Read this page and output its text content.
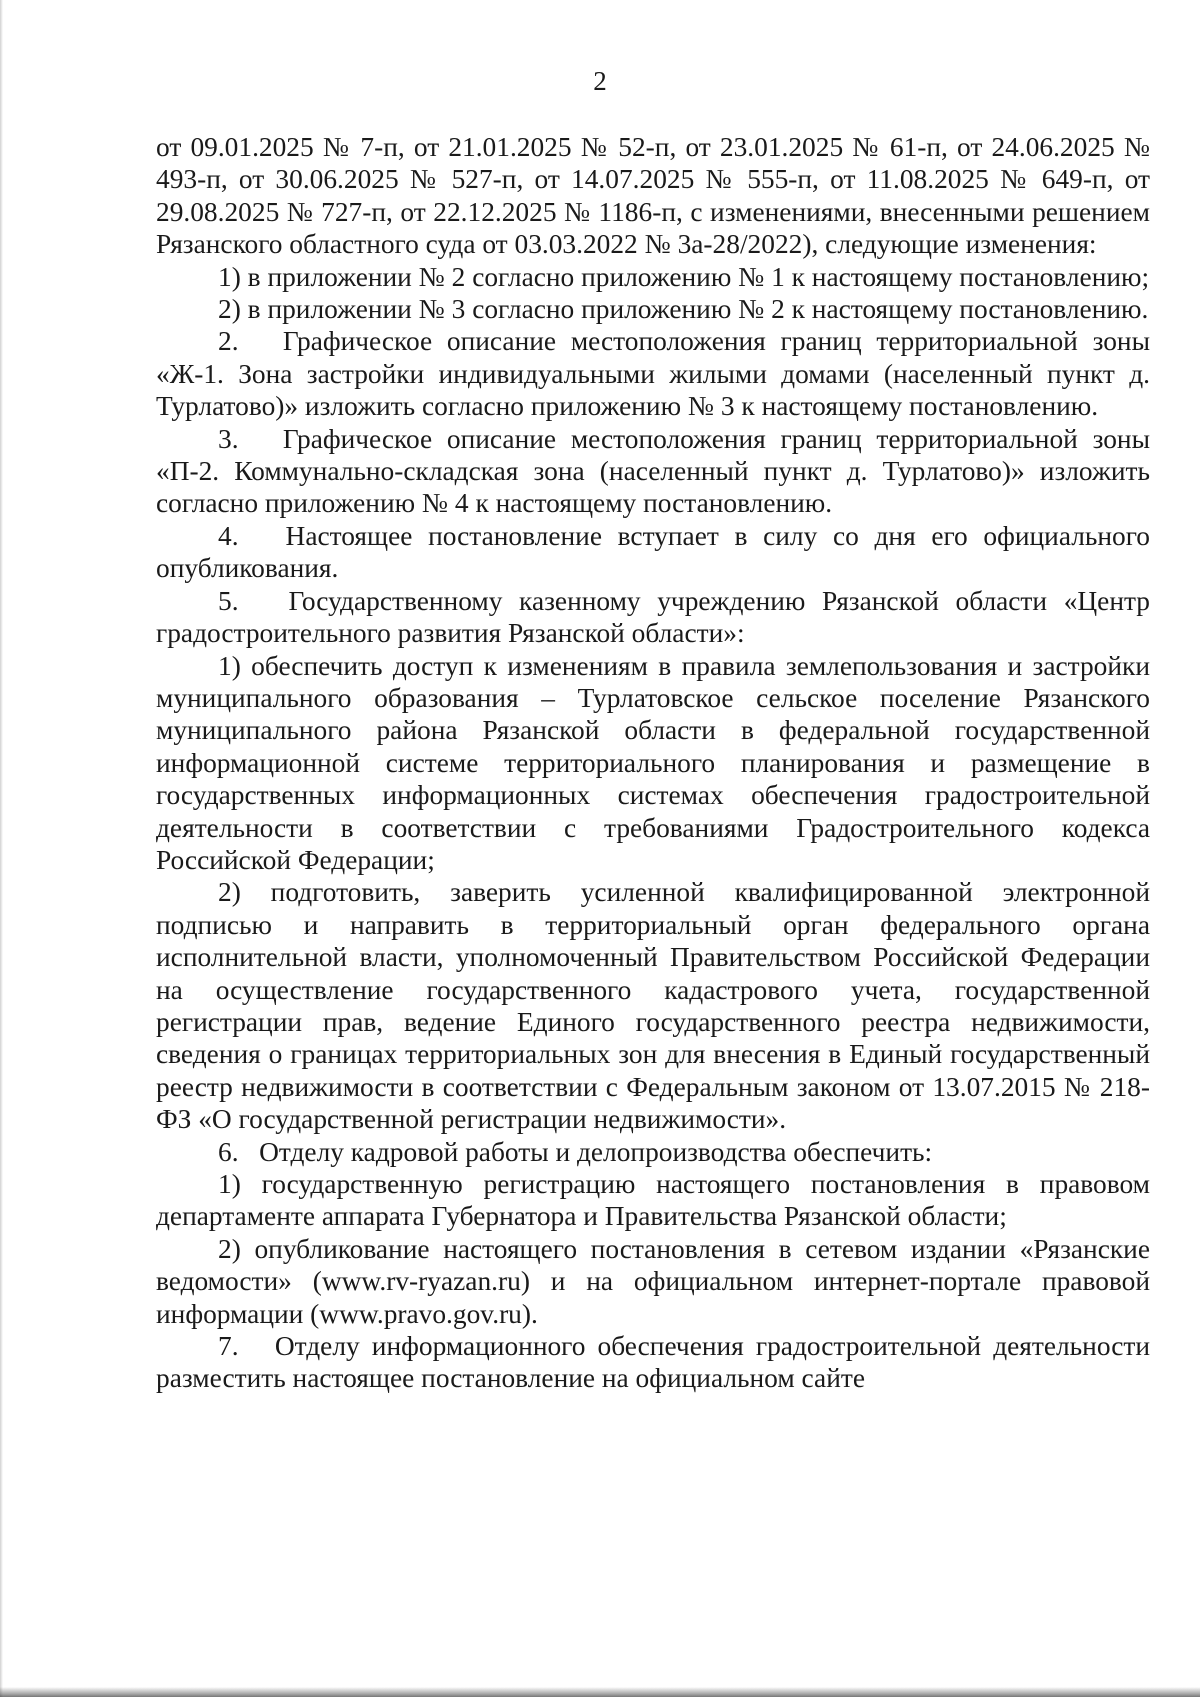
2

от 09.01.2025 № 7-п, от 21.01.2025 № 52-п, от 23.01.2025 № 61-п, от 24.06.2025 № 493-п, от 30.06.2025 № 527-п, от 14.07.2025 № 555-п, от 11.08.2025 № 649-п, от 29.08.2025 № 727-п, от 22.12.2025 № 1186-п, с изменениями, внесенными решением Рязанского областного суда от 03.03.2022 № 3а-28/2022), следующие изменения:

1) в приложении № 2 согласно приложению № 1 к настоящему постановлению;

2) в приложении № 3 согласно приложению № 2 к настоящему постановлению.

2.   Графическое описание местоположения границ территориальной зоны «Ж-1. Зона застройки индивидуальными жилыми домами (населенный пункт д. Турлатово)» изложить согласно приложению № 3 к настоящему постановлению.

3.   Графическое описание местоположения границ территориальной зоны «П-2. Коммунально-складская зона (населенный пункт д. Турлатово)» изложить согласно приложению № 4 к настоящему постановлению.

4.   Настоящее постановление вступает в силу со дня его официального опубликования.

5.   Государственному казенному учреждению Рязанской области «Центр градостроительного развития Рязанской области»:

1) обеспечить доступ к изменениям в правила землепользования и застройки муниципального образования – Турлатовское сельское поселение Рязанского муниципального района Рязанской области в федеральной государственной информационной системе территориального планирования и размещение в государственных информационных системах обеспечения градостроительной деятельности в соответствии с требованиями Градостроительного кодекса Российской Федерации;

2) подготовить, заверить усиленной квалифицированной электронной подписью и направить в территориальный орган федерального органа исполнительной власти, уполномоченный Правительством Российской Федерации на осуществление государственного кадастрового учета, государственной регистрации прав, ведение Единого государственного реестра недвижимости, сведения о границах территориальных зон для внесения в Единый государственный реестр недвижимости в соответствии с Федеральным законом от 13.07.2015 № 218-ФЗ «О государственной регистрации недвижимости».

6.   Отделу кадровой работы и делопроизводства обеспечить:

1) государственную регистрацию настоящего постановления в правовом департаменте аппарата Губернатора и Правительства Рязанской области;

2) опубликование настоящего постановления в сетевом издании «Рязанские ведомости» (www.rv-ryazan.ru) и на официальном интернет-портале правовой информации (www.pravo.gov.ru).

7.   Отделу информационного обеспечения градостроительной деятельности разместить настоящее постановление на официальном сайте
